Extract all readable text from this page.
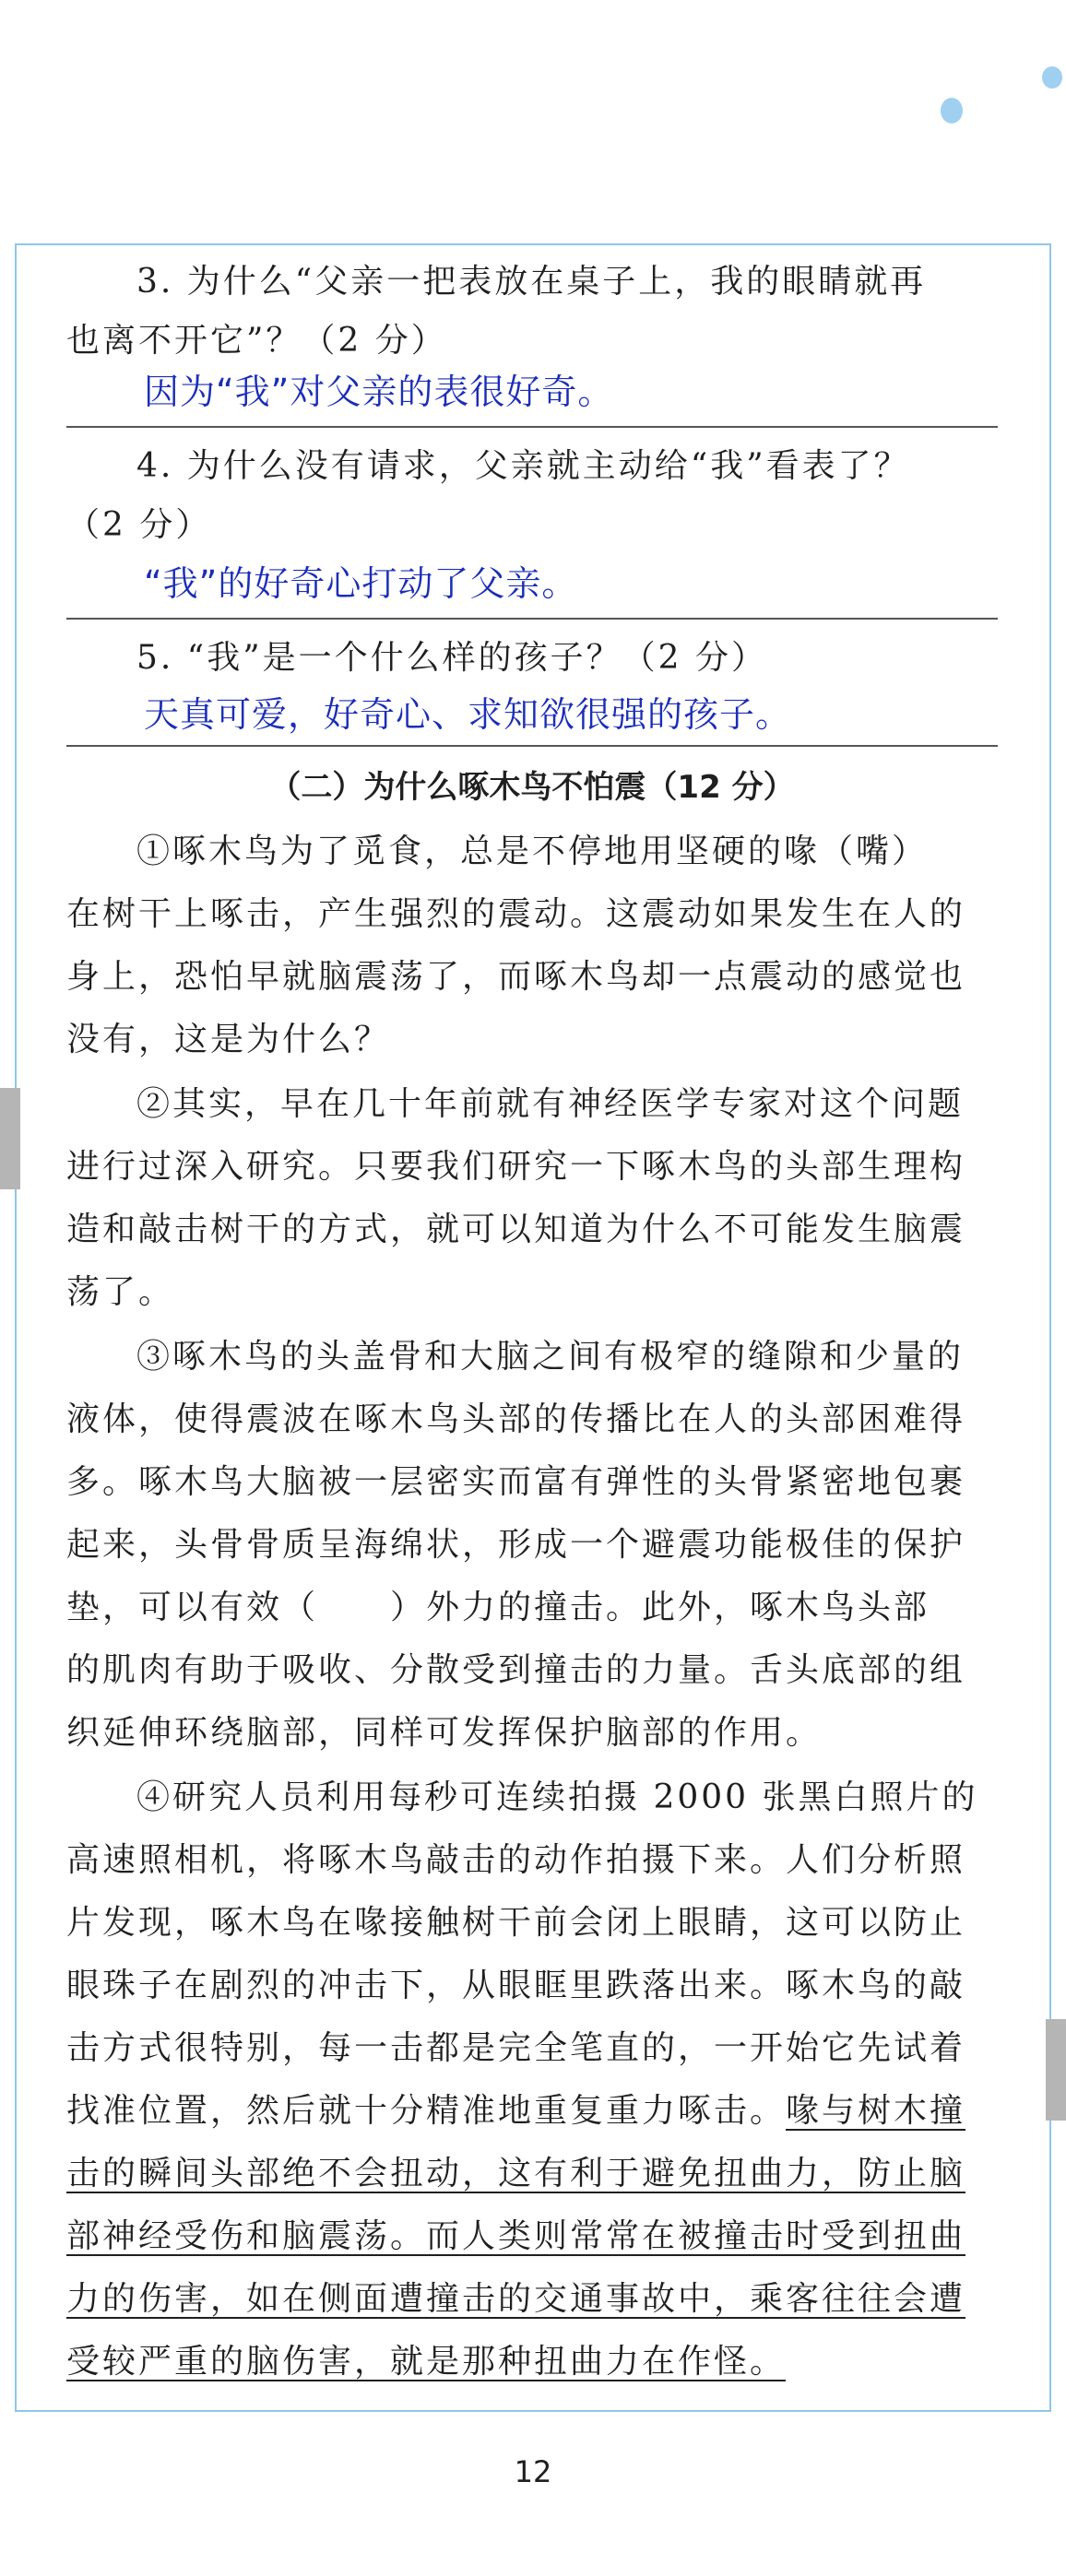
3. 为什么“父亲一把表放在桌子上，我的眼睛就再
也离不开它”？（2 分）
因为“我”对父亲的表很好奇。
4. 为什么没有请求，父亲就主动给“我”看表了？
（2 分）
“我”的好奇心打动了父亲。
5. “我”是一个什么样的孩子？（2 分）
天真可爱，好奇心、求知欲很强的孩子。
（二）为什么啄木鸟不怕震（12 分）
①啄木鸟为了觅食，总是不停地用坚硬的喙（嘴）
在树干上啄击，产生强烈的震动。这震动如果发生在人的
身上，恐怕早就脑震荡了，而啄木鸟却一点震动的感觉也
没有，这是为什么？
②其实，早在几十年前就有神经医学专家对这个问题
进行过深入研究。只要我们研究一下啄木鸟的头部生理构
造和敲击树干的方式，就可以知道为什么不可能发生脑震
荡了。
③啄木鸟的头盖骨和大脑之间有极窄的缝隙和少量的
液体，使得震波在啄木鸟头部的传播比在人的头部困难得
多。啄木鸟大脑被一层密实而富有弹性的头骨紧密地包裹
起来，头骨骨质呈海绵状，形成一个避震功能极佳的保护
垫，可以有效（　　）外力的撞击。此外，啄木鸟头部
的肌肉有助于吸收、分散受到撞击的力量。舌头底部的组
织延伸环绕脑部，同样可发挥保护脑部的作用。
④研究人员利用每秒可连续拍摄 2000 张黑白照片的
高速照相机，将啄木鸟敲击的动作拍摄下来。人们分析照
片发现，啄木鸟在喙接触树干前会闭上眼睛，这可以防止
眼珠子在剧烈的冲击下，从眼眶里跌落出来。啄木鸟的敲
击方式很特别，每一击都是完全笔直的，一开始它先试着
找准位置，然后就十分精准地重复重力啄击。喙与树木撞
击的瞬间头部绝不会扭动，这有利于避免扭曲力，防止脑
部神经受伤和脑震荡。而人类则常常在被撞击时受到扭曲
力的伤害，如在侧面遭撞击的交通事故中，乘客往往会遭
受较严重的脑伤害，就是那种扭曲力在作怪。
12
